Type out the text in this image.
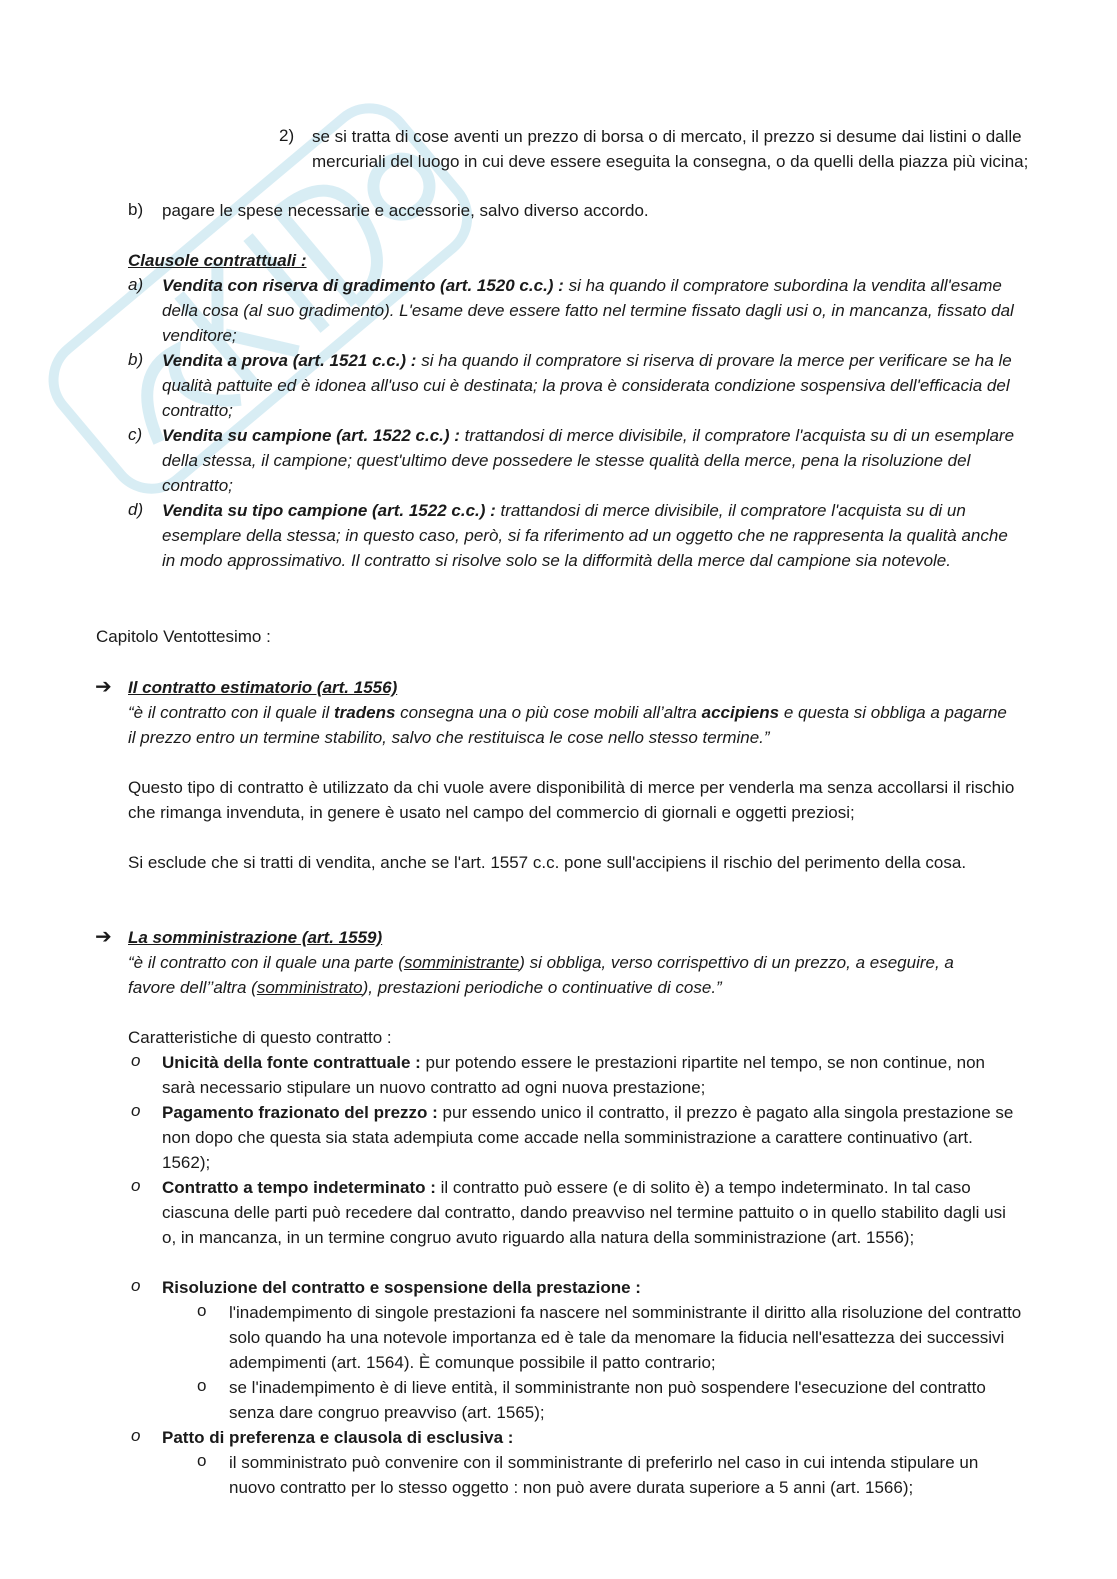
2) se si tratta di cose aventi un prezzo di borsa o di mercato, il prezzo si desume dai listini o dalle mercuriali del luogo in cui deve essere eseguita la consegna, o da quelli della piazza più vicina;
b) pagare le spese necessarie e accessorie, salvo diverso accordo.
Clausole contrattuali :
a) Vendita con riserva di gradimento (art. 1520 c.c.) : si ha quando il compratore subordina la vendita all'esame della cosa (al suo gradimento). L'esame deve essere fatto nel termine fissato dagli usi o, in mancanza, fissato dal venditore;
b) Vendita a prova (art. 1521 c.c.) : si ha quando il compratore si riserva di provare la merce per verificare se ha le qualità pattuite ed è idonea all'uso cui è destinata; la prova è considerata condizione sospensiva dell'efficacia del contratto;
c) Vendita su campione (art. 1522 c.c.) : trattandosi di merce divisibile, il compratore l'acquista su di un esemplare della stessa, il campione; quest'ultimo deve possedere le stesse qualità della merce, pena la risoluzione del contratto;
d) Vendita su tipo campione (art. 1522 c.c.) : trattandosi di merce divisibile, il compratore l'acquista su di un esemplare della stessa; in questo caso, però, si fa riferimento ad un oggetto che ne rappresenta la qualità anche in modo approssimativo. Il contratto si risolve solo se la difformità della merce dal campione sia notevole.
Capitolo Ventottesimo :
➔ Il contratto estimatorio (art. 1556)
“è il contratto con il quale il tradens consegna una o più cose mobili all’altra accipiens e questa si obbliga a pagarne il prezzo entro un termine stabilito, salvo che restituisca le cose nello stesso termine.”
Questo tipo di contratto è utilizzato da chi vuole avere disponibilità di merce per venderla ma senza accollarsi il rischio che rimanga invenduta, in genere è usato nel campo del commercio di giornali e oggetti preziosi;
Si esclude che si tratti di vendita, anche se l'art. 1557 c.c. pone sull'accipiens il rischio del perimento della cosa.
➔ La somministrazione (art. 1559)
“è il contratto con il quale una parte (somministrante) si obbliga, verso corrispettivo di un prezzo, a eseguire, a favore dell’’altra (somministrato), prestazioni periodiche o continuative di cose.”
Caratteristiche di questo contratto :
o Unicità della fonte contrattuale : pur potendo essere le prestazioni ripartite nel tempo, se non continue, non sarà necessario stipulare un nuovo contratto ad ogni nuova prestazione;
o Pagamento frazionato del prezzo : pur essendo unico il contratto, il prezzo è pagato alla singola prestazione se non dopo che questa sia stata adempiuta come accade nella somministrazione a carattere continuativo (art. 1562);
o Contratto a tempo indeterminato : il contratto può essere (e di solito è) a tempo indeterminato. In tal caso ciascuna delle parti può recedere dal contratto, dando preavviso nel termine pattuito o in quello stabilito dagli usi o, in mancanza, in un termine congruo avuto riguardo alla natura della somministrazione (art. 1556);
o Risoluzione del contratto e sospensione della prestazione :
o l'inadempimento di singole prestazioni fa nascere nel somministrante il diritto alla risoluzione del contratto solo quando ha una notevole importanza ed è tale da menomare la fiducia nell'esattezza dei successivi adempimenti (art. 1564). È comunque possibile il patto contrario;
o se l'inadempimento è di lieve entità, il somministrante non può sospendere l'esecuzione del contratto senza dare congruo preavviso (art. 1565);
o Patto di preferenza e clausola di esclusiva :
o il somministrato può convenire con il somministrante di preferirlo nel caso in cui intenda stipulare un nuovo contratto per lo stesso oggetto : non può avere durata superiore a 5 anni (art. 1566);
